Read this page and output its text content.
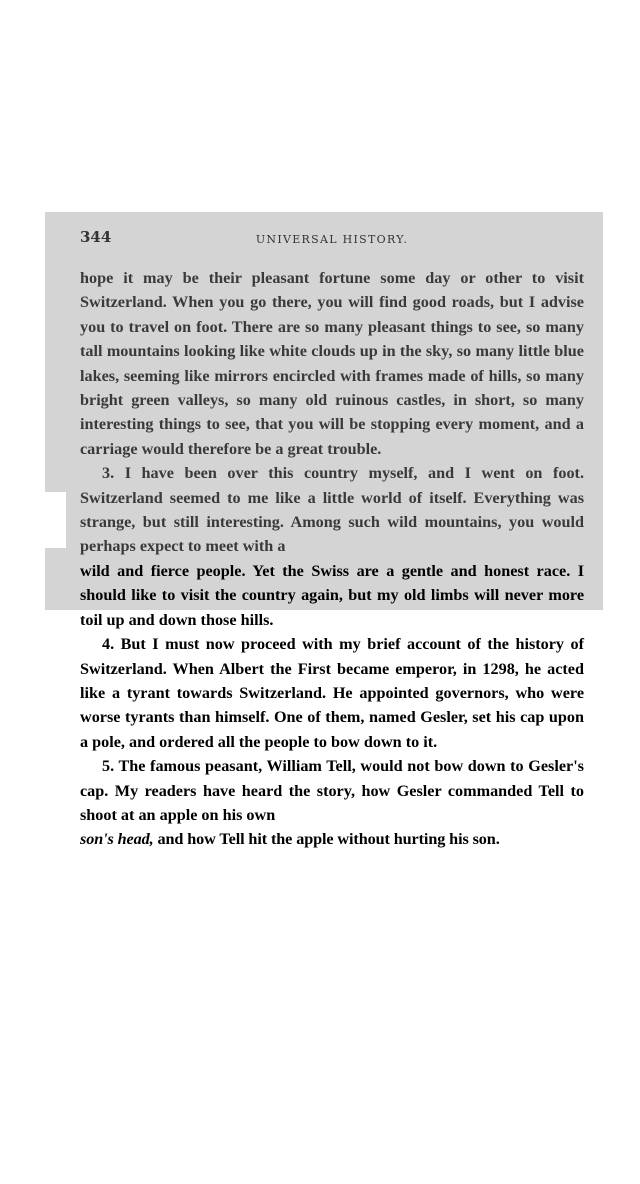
344	UNIVERSAL HISTORY.

hope it may be their pleasant fortune some day or other to visit Switzerland. When you go there, you will find good roads, but I advise you to travel on foot. There are so many pleasant things to see, so many tall mountains looking like white clouds up in the sky, so many little blue lakes, seeming like mirrors encircled with frames made of hills, so many bright green valleys, so many old ruinous castles, in short, so many interesting things to see, that you will be stopping every moment, and a carriage would therefore be a great trouble.

3. I have been over this country myself, and I went on foot. Switzerland seemed to me like a little world of itself. Everything was strange, but still interesting. Among such wild mountains, you would perhaps expect to meet with a

wild and fierce people. Yet the Swiss are a gentle and honest race. I should like to visit the country again, but my old limbs will never more toil up and down those hills.

4. But I must now proceed with my brief account of the history of Switzerland. When Albert the First became emperor, in 1298, he acted like a tyrant towards Switzerland. He appointed governors, who were worse tyrants than himself. One of them, named Gesler, set his cap upon a pole, and ordered all the people to bow down to it.

5. The famous peasant, William Tell, would not bow down to Gesler's cap. My readers have heard the story, how Gesler commanded Tell to shoot at an apple on his own

son's head, and how Tell hit the apple without hurting his son.
